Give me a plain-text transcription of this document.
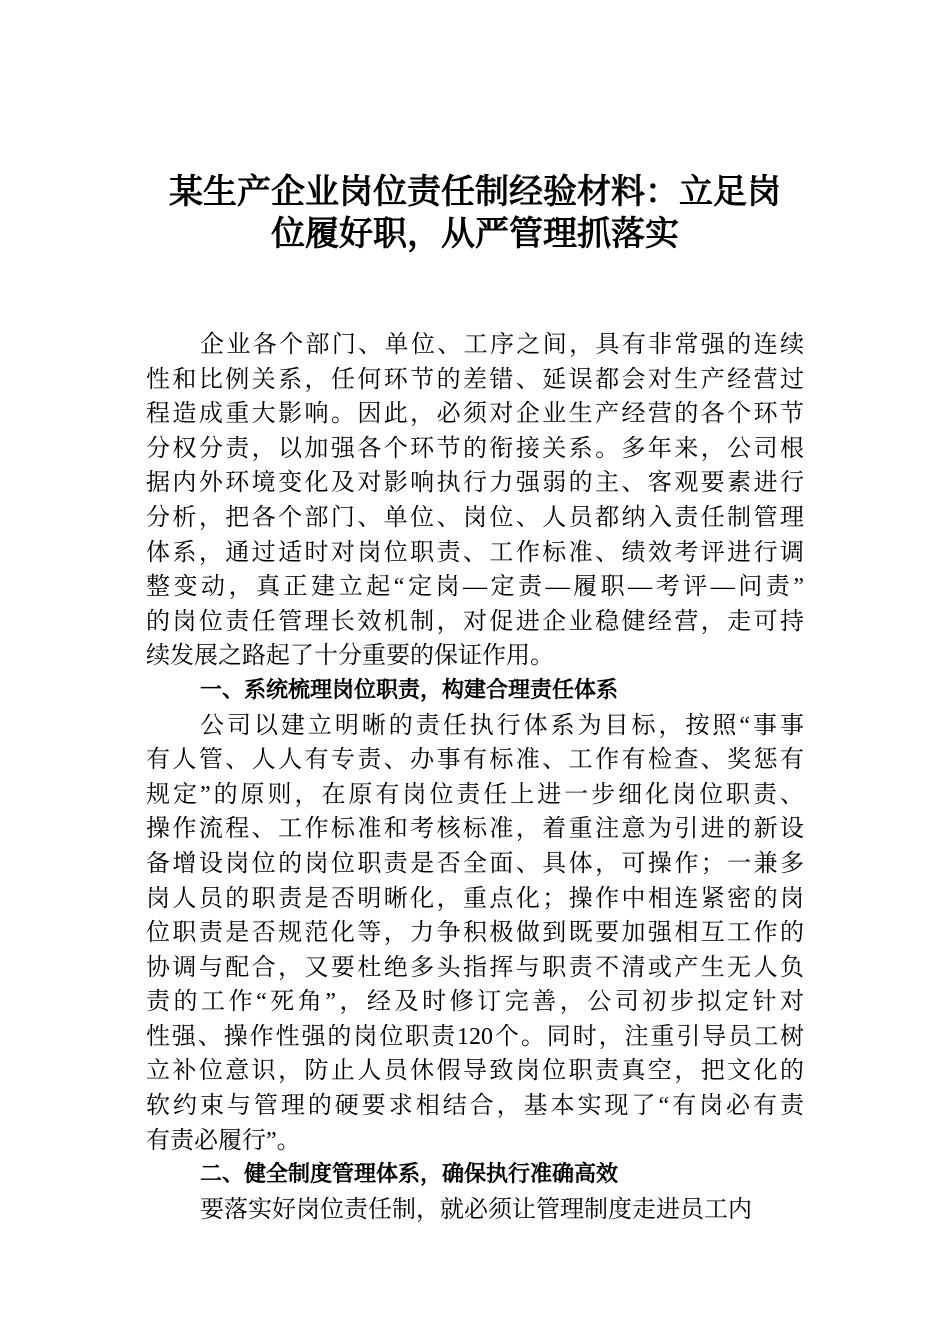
某生产企业岗位责任制经验材料：立足岗
位履好职，从严管理抓落实
企业各个部门、单位、工序之间，具有非常强的连续
性和比例关系，任何环节的差错、延误都会对生产经营过
程造成重大影响。因此，必须对企业生产经营的各个环节
分权分责，以加强各个环节的衔接关系。多年来，公司根
据内外环境变化及对影响执行力强弱的主、客观要素进行
分析，把各个部门、单位、岗位、人员都纳入责任制管理
体系，通过适时对岗位职责、工作标准、绩效考评进行调
整变动，真正建立起“定岗—定责—履职—考评—问责”
的岗位责任管理长效机制，对促进企业稳健经营，走可持
续发展之路起了十分重要的保证作用。
一、系统梳理岗位职责，构建合理责任体系
公司以建立明晰的责任执行体系为目标，按照“事事
有人管、人人有专责、办事有标准、工作有检查、奖惩有
规定”的原则，在原有岗位责任上进一步细化岗位职责、
操作流程、工作标准和考核标准，着重注意为引进的新设
备增设岗位的岗位职责是否全面、具体，可操作；一兼多
岗人员的职责是否明晰化，重点化；操作中相连紧密的岗
位职责是否规范化等，力争积极做到既要加强相互工作的
协调与配合，又要杜绝多头指挥与职责不清或产生无人负
责的工作“死角”，经及时修订完善，公司初步拟定针对
性强、操作性强的岗位职责120个。同时，注重引导员工树
立补位意识，防止人员休假导致岗位职责真空，把文化的
软约束与管理的硬要求相结合，基本实现了“有岗必有责
有责必履行”。
二、健全制度管理体系，确保执行准确高效
要落实好岗位责任制，就必须让管理制度走进员工内
